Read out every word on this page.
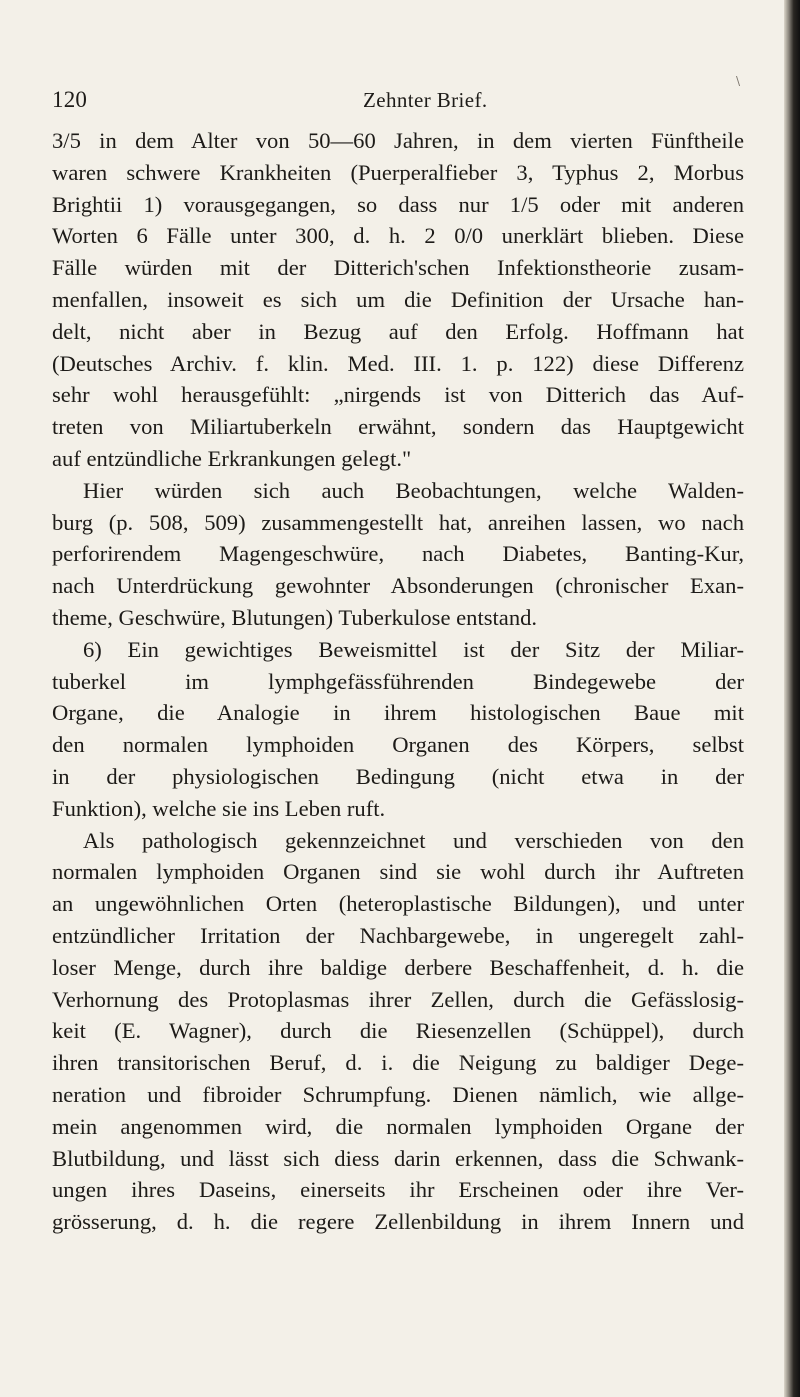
\
120	Zehnter Brief.
3/5 in dem Alter von 50—60 Jahren, in dem vierten Fünftheile
waren schwere Krankheiten (Puerperalfieber 3, Typhus 2, Morbus
Brightii 1) vorausgegangen, so dass nur 1/5 oder mit anderen
Worten 6 Fälle unter 300, d. h. 2 0/0 unerklärt blieben. Diese
Fälle würden mit der Ditterich'schen Infektionstheorie zusam-
menfallen, insoweit es sich um die Definition der Ursache han-
delt, nicht aber in Bezug auf den Erfolg. Hoffmann hat
(Deutsches Archiv. f. klin. Med. III. 1. p. 122) diese Differenz
sehr wohl herausgefühlt: „nirgends ist von Ditterich das Auf-
treten von Miliartuberkeln erwähnt, sondern das Hauptgewicht
auf entzündliche Erkrankungen gelegt."
Hier würden sich auch Beobachtungen, welche Walden-
burg (p. 508, 509) zusammengestellt hat, anreihen lassen, wo nach
perforirendem Magengeschwüre, nach Diabetes, Banting-Kur,
nach Unterdrückung gewohnter Absonderungen (chronischer Exan-
theme, Geschwüre, Blutungen) Tuberkulose entstand.
6) Ein gewichtiges Beweismittel ist der Sitz der Miliar-
tuberkel im lymphgefässführenden Bindegewebe der
Organe, die Analogie in ihrem histologischen Baue mit
den normalen lymphoiden Organen des Körpers, selbst
in der physiologischen Bedingung (nicht etwa in der
Funktion), welche sie ins Leben ruft.
Als pathologisch gekennzeichnet und verschieden von den
normalen lymphoiden Organen sind sie wohl durch ihr Auftreten
an ungewöhnlichen Orten (heteroplastische Bildungen), und unter
entzündlicher Irritation der Nachbargewebe, in ungeregelt zahl-
loser Menge, durch ihre baldige derbere Beschaffenheit, d. h. die
Verhornung des Protoplasmas ihrer Zellen, durch die Gefässlosig-
keit (E. Wagner), durch die Riesenzellen (Schüppel), durch
ihren transitorischen Beruf, d. i. die Neigung zu baldiger Dege-
neration und fibroider Schrumpfung. Dienen nämlich, wie allge-
mein angenommen wird, die normalen lymphoiden Organe der
Blutbildung, und lässt sich diess darin erkennen, dass die Schwank-
ungen ihres Daseins, einerseits ihr Erscheinen oder ihre Ver-
grösserung, d. h. die regere Zellenbildung in ihrem Innern und
